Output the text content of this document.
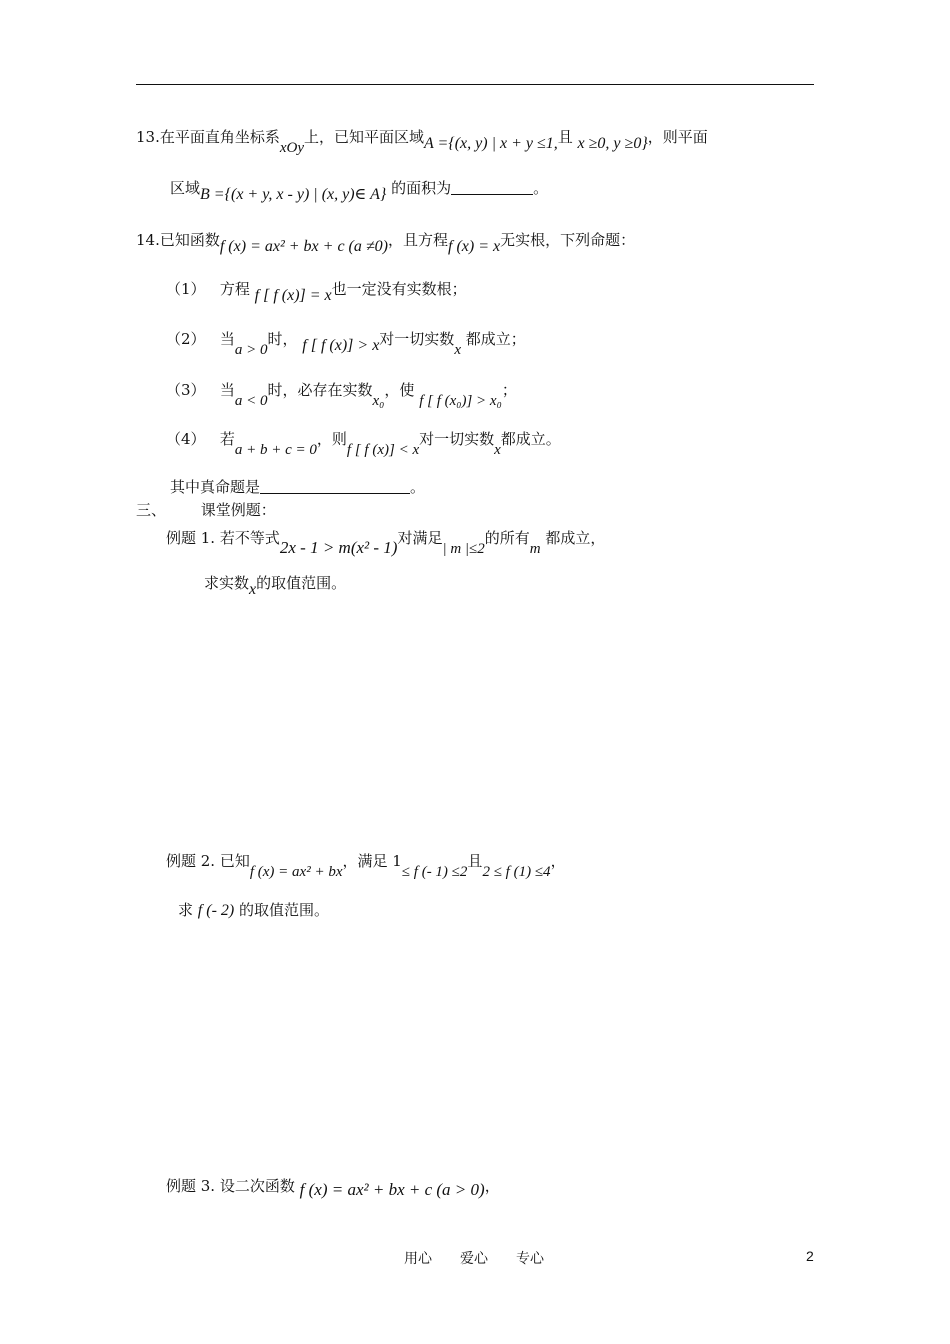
13.在平面直角坐标系xOy上，已知平面区域A ={(x, y) | x + y ≤1,且 x ≥0, y ≥0}，则平面
区域B ={(x + y, x - y) | (x, y)∈ A} 的面积为	。
14.已知函数f (x) = ax² + bx + c (a ≠0)，且方程f (x) = x无实根，下列命题：
（1） 方程 f [ f (x)] = x也一定没有实数根；
（2） 当a > 0时， f [ f (x)] > x对一切实数x 都成立；
（3） 当a < 0时，必存在实数x₀，使 f [ f (x₀)] > x₀；
（4） 若a + b + c = 0，则f [ f (x)] < x对一切实数x都成立。
其中真命题是	。
三、 课堂例题：
例题 1. 若不等式2x - 1 > m(x² - 1)对满足| m |≤2的所有m 都成立，
求实数x的取值范围。
例题 2. 已知f (x) = ax² + bx，满足 1≤ f (- 1) ≤2且2 ≤ f (1) ≤4，
求 f (- 2) 的取值范围。
例题 3. 设二次函数 f (x) = ax² + bx + c (a > 0)，
用心　　爱心　　专心	2
